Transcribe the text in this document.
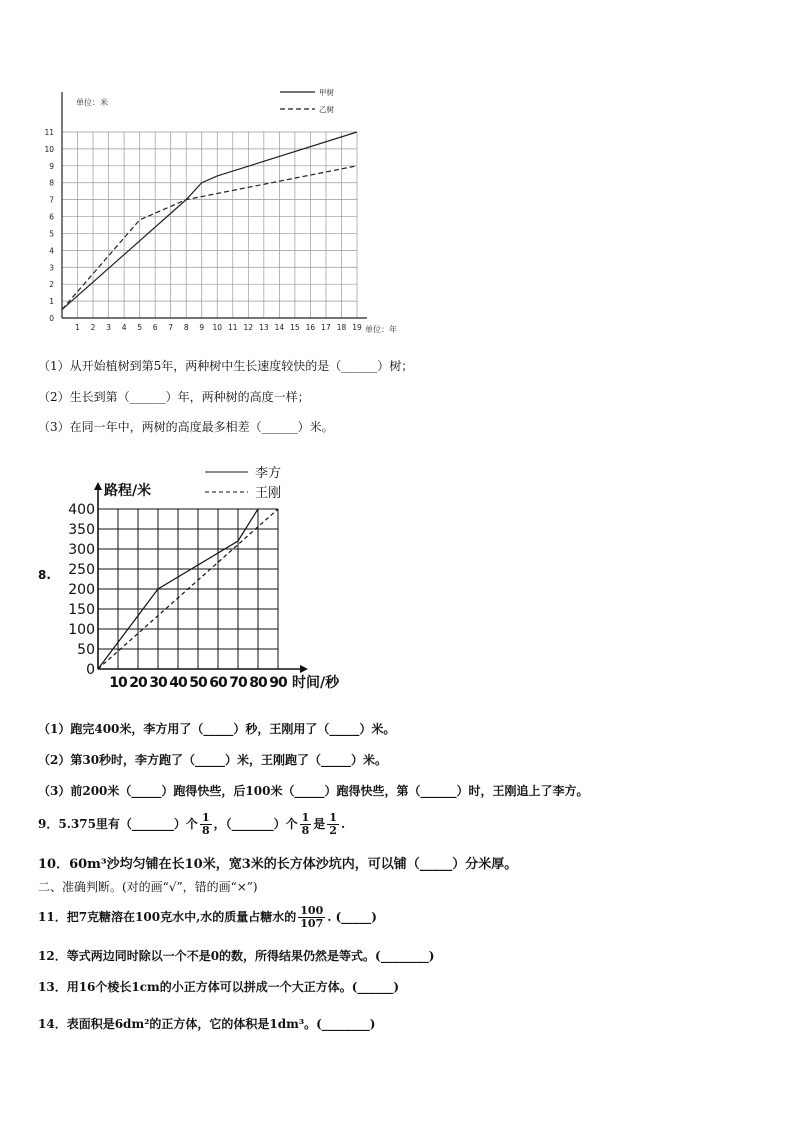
1 2 3 4 5 6 7 8 9 10 11 12 13 14 15 16 17 18 19
0
1
2
3
4
5
6
7
8
9
10
11
单位：米
单位：年
甲树
乙树
（1）从开始植树到第5年，两种树中生长速度较快的是（______）树；
（2）生长到第（______）年，两种树的高度一样；
（3）在同一年中，两树的高度最多相差（______）米。
8.
10 20 30 40 50 60 70 80 90
0
50
100
150
200
250
300
350
400
路程/米
时间/秒
李方
王刚
（1）跑完400米，李方用了（_____）秒，王刚用了（_____）米。
（2）第30秒时，李方跑了（_____）米，王刚跑了（_____）米。
（3）前200米（_____）跑得快些，后100米（_____）跑得快些，第（______）时，王刚追上了李方。
9．5.375里有（_______）个 $\frac{1}{8}$ ，（_______）个 $\frac{1}{8}$ 是 $\frac{1}{2}$ .
10．60m³沙均匀铺在长10米，宽3米的长方体沙坑内，可以铺（_____）分米厚。
二、准确判断。(对的画“√”，错的画“×”)
11．把7克糖溶在100克水中,水的质量占糖水的 $\frac{100}{107}$ . (_____)
12．等式两边同时除以一个不是0的数，所得结果仍然是等式。(________)
13．用16个棱长1cm的小正方体可以拼成一个大正方体。(______)
14．表面积是6dm²的正方体，它的体积是1dm³。(________)
